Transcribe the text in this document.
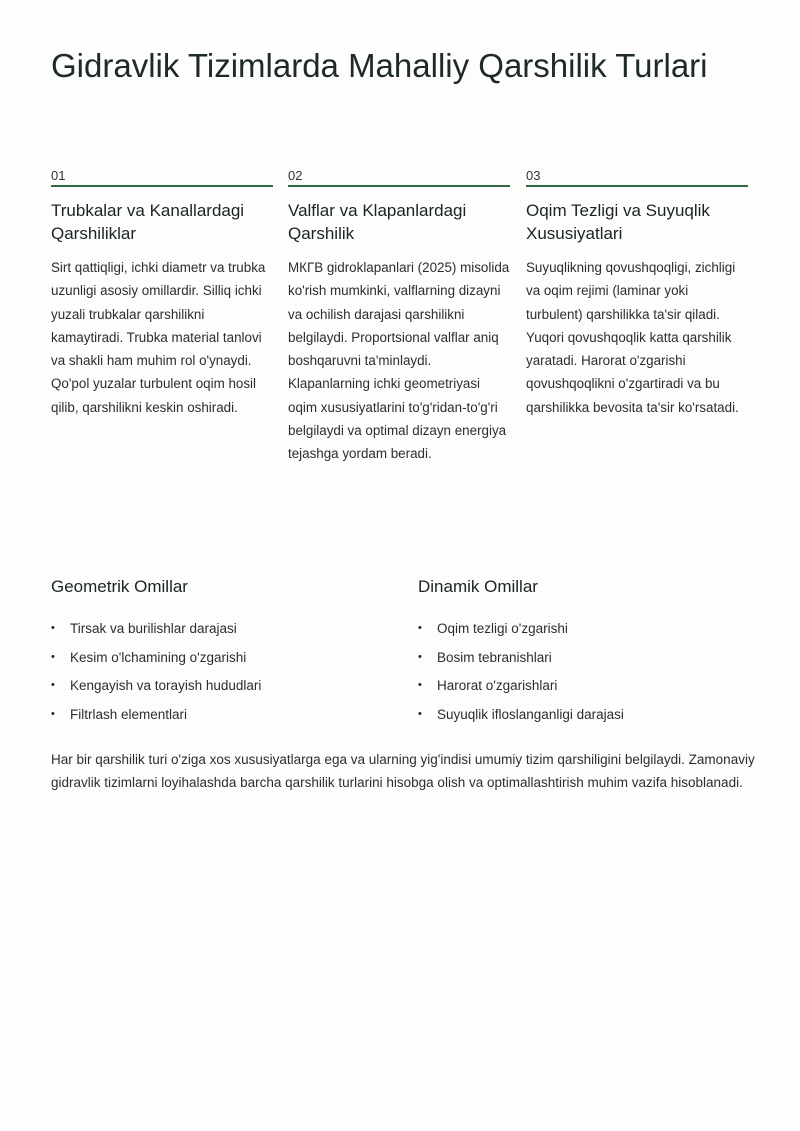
Gidravlik Tizimlarda Mahalliy Qarshilik Turlari
01
Trubkalar va Kanallardagi Qarshiliklar

Sirt qattiqligi, ichki diametr va trubka uzunligi asosiy omillardir. Silliq ichki yuzali trubkalar qarshilikni kamaytiradi. Trubka material tanlovi va shakli ham muhim rol o'ynaydi. Qo'pol yuzalar turbulent oqim hosil qilib, qarshilikni keskin oshiradi.

02
Valflar va Klapanlardagi Qarshilik

МКГВ gidroklapanlari (2025) misolida ko'rish mumkinki, valflarning dizayni va ochilish darajasi qarshilikni belgilaydi. Proportsional valflar aniq boshqaruvni ta'minlaydi. Klapanlarning ichki geometriyasi oqim xususiyatlarini to'g'ridan-to'g'ri belgilaydi va optimal dizayn energiya tejashga yordam beradi.

03
Oqim Tezligi va Suyuqlik Xususiyatlari

Suyuqlikning qovushqoqligi, zichligi va oqim rejimi (laminar yoki turbulent) qarshilikka ta'sir qiladi. Yuqori qovushqoqlik katta qarshilik yaratadi. Harorat o'zgarishi qovushqoqlikni o'zgartiradi va bu qarshilikka bevosita ta'sir ko'rsatadi.

Geometrik Omillar
• Tirsak va burilishlar darajasi
• Kesim o'lchamining o'zgarishi
• Kengayish va torayish hududlari
• Filtrlash elementlari
Dinamik Omillar
• Oqim tezligi o'zgarishi
• Bosim tebranishlari
• Harorat o'zgarishlari
• Suyuqlik ifloslanganligi darajasi

Har bir qarshilik turi o'ziga xos xususiyatlarga ega va ularning yig'indisi umumiy tizim qarshiligini belgilaydi. Zamonaviy gidravlik tizimlarni loyihalashda barcha qarshilik turlarini hisobga olish va optimallashtirish muhim vazifa hisoblanadi.
